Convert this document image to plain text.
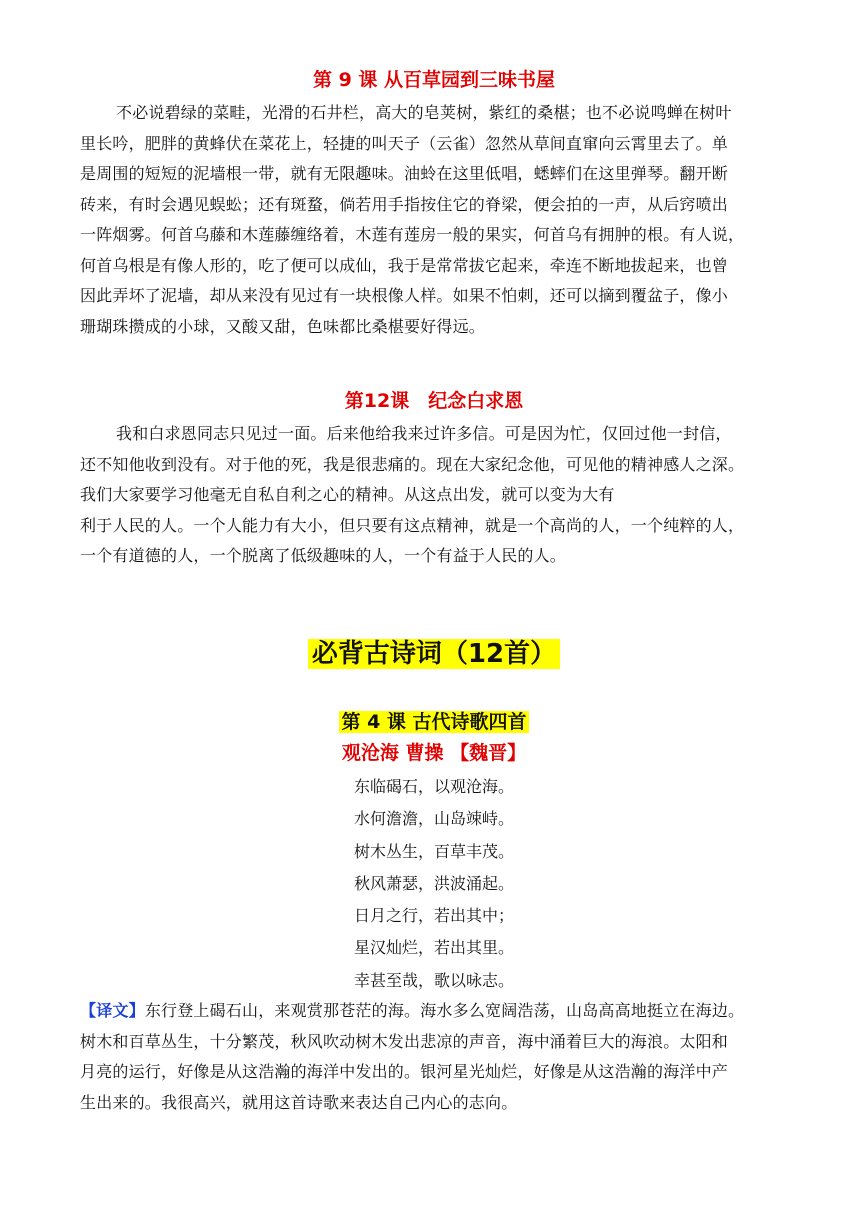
第 9 课 从百草园到三味书屋
不必说碧绿的菜畦，光滑的石井栏，高大的皂荚树，紫红的桑椹；也不必说鸣蝉在树叶
里长吟，肥胖的黄蜂伏在菜花上，轻捷的叫天子（云雀）忽然从草间直窜向云霄里去了。单
是周围的短短的泥墙根一带，就有无限趣味。油蛉在这里低唱，蟋蟀们在这里弹琴。翻开断
砖来，有时会遇见蜈蚣；还有斑蝥，倘若用手指按住它的脊梁，便会拍的一声，从后窍喷出
一阵烟雾。何首乌藤和木莲藤缠络着，木莲有莲房一般的果实，何首乌有拥肿的根。有人说，
何首乌根是有像人形的，吃了便可以成仙，我于是常常拔它起来，牵连不断地拔起来，也曾
因此弄坏了泥墙，却从来没有见过有一块根像人样。如果不怕刺，还可以摘到覆盆子，像小
珊瑚珠攒成的小球，又酸又甜，色味都比桑椹要好得远。
第12课　纪念白求恩
我和白求恩同志只见过一面。后来他给我来过许多信。可是因为忙，仅回过他一封信，
还不知他收到没有。对于他的死，我是很悲痛的。现在大家纪念他，可见他的精神感人之深。
我们大家要学习他毫无自私自利之心的精神。从这点出发，就可以变为大有
利于人民的人。一个人能力有大小，但只要有这点精神，就是一个高尚的人，一个纯粹的人，
一个有道德的人，一个脱离了低级趣味的人，一个有益于人民的人。
必背古诗词（12首）
第 4 课 古代诗歌四首
观沧海 曹操 【魏晋】
东临碣石，以观沧海。
水何澹澹，山岛竦峙。
树木丛生，百草丰茂。
秋风萧瑟，洪波涌起。
日月之行，若出其中；
星汉灿烂，若出其里。
幸甚至哉，歌以咏志。
【译文】东行登上碣石山，来观赏那苍茫的海。海水多么宽阔浩荡，山岛高高地挺立在海边。
树木和百草丛生，十分繁茂，秋风吹动树木发出悲凉的声音，海中涌着巨大的海浪。太阳和
月亮的运行，好像是从这浩瀚的海洋中发出的。银河星光灿烂，好像是从这浩瀚的海洋中产
生出来的。我很高兴，就用这首诗歌来表达自己内心的志向。
